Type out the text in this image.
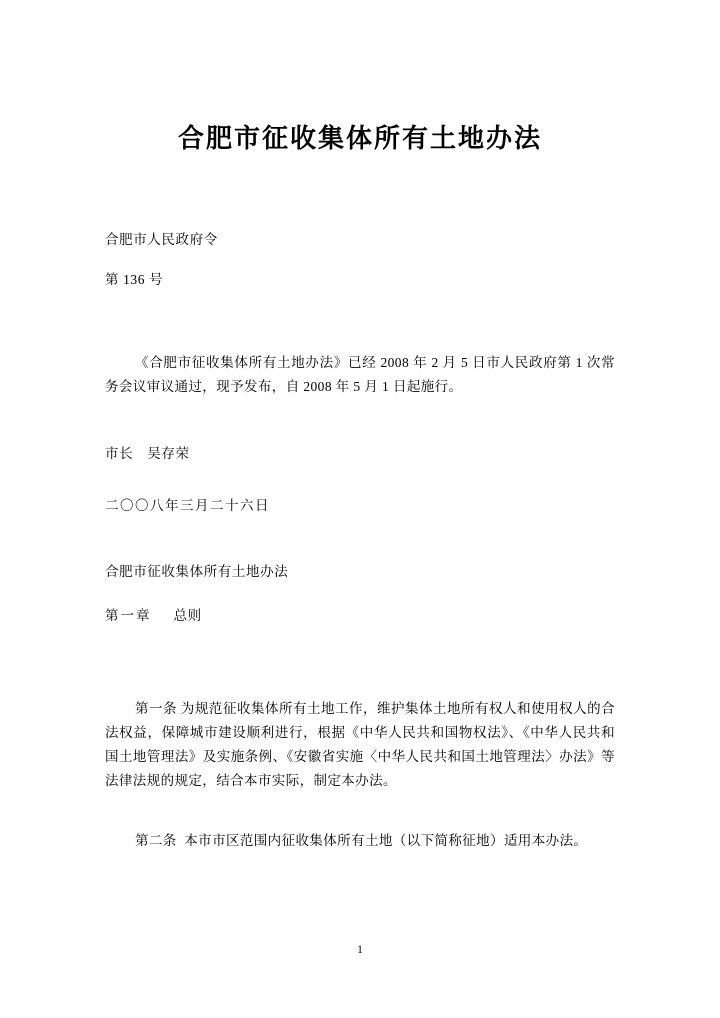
合肥市征收集体所有土地办法
合肥市人民政府令
第 136 号
《合肥市征收集体所有土地办法》已经 2008 年 2 月 5 日市人民政府第 1 次常务会议审议通过，现予发布，自 2008 年 5 月 1 日起施行。
市长　吴存荣
二〇〇八年三月二十六日
合肥市征收集体所有土地办法
第一章 总则
第一条 为规范征收集体所有土地工作，维护集体土地所有权人和使用权人的合法权益，保障城市建设顺利进行，根据《中华人民共和国物权法》、《中华人民共和国土地管理法》及实施条例、《安徽省实施〈中华人民共和国土地管理法〉办法》等法律法规的规定，结合本市实际，制定本办法。
第二条 本市市区范围内征收集体所有土地（以下简称征地）适用本办法。
1
